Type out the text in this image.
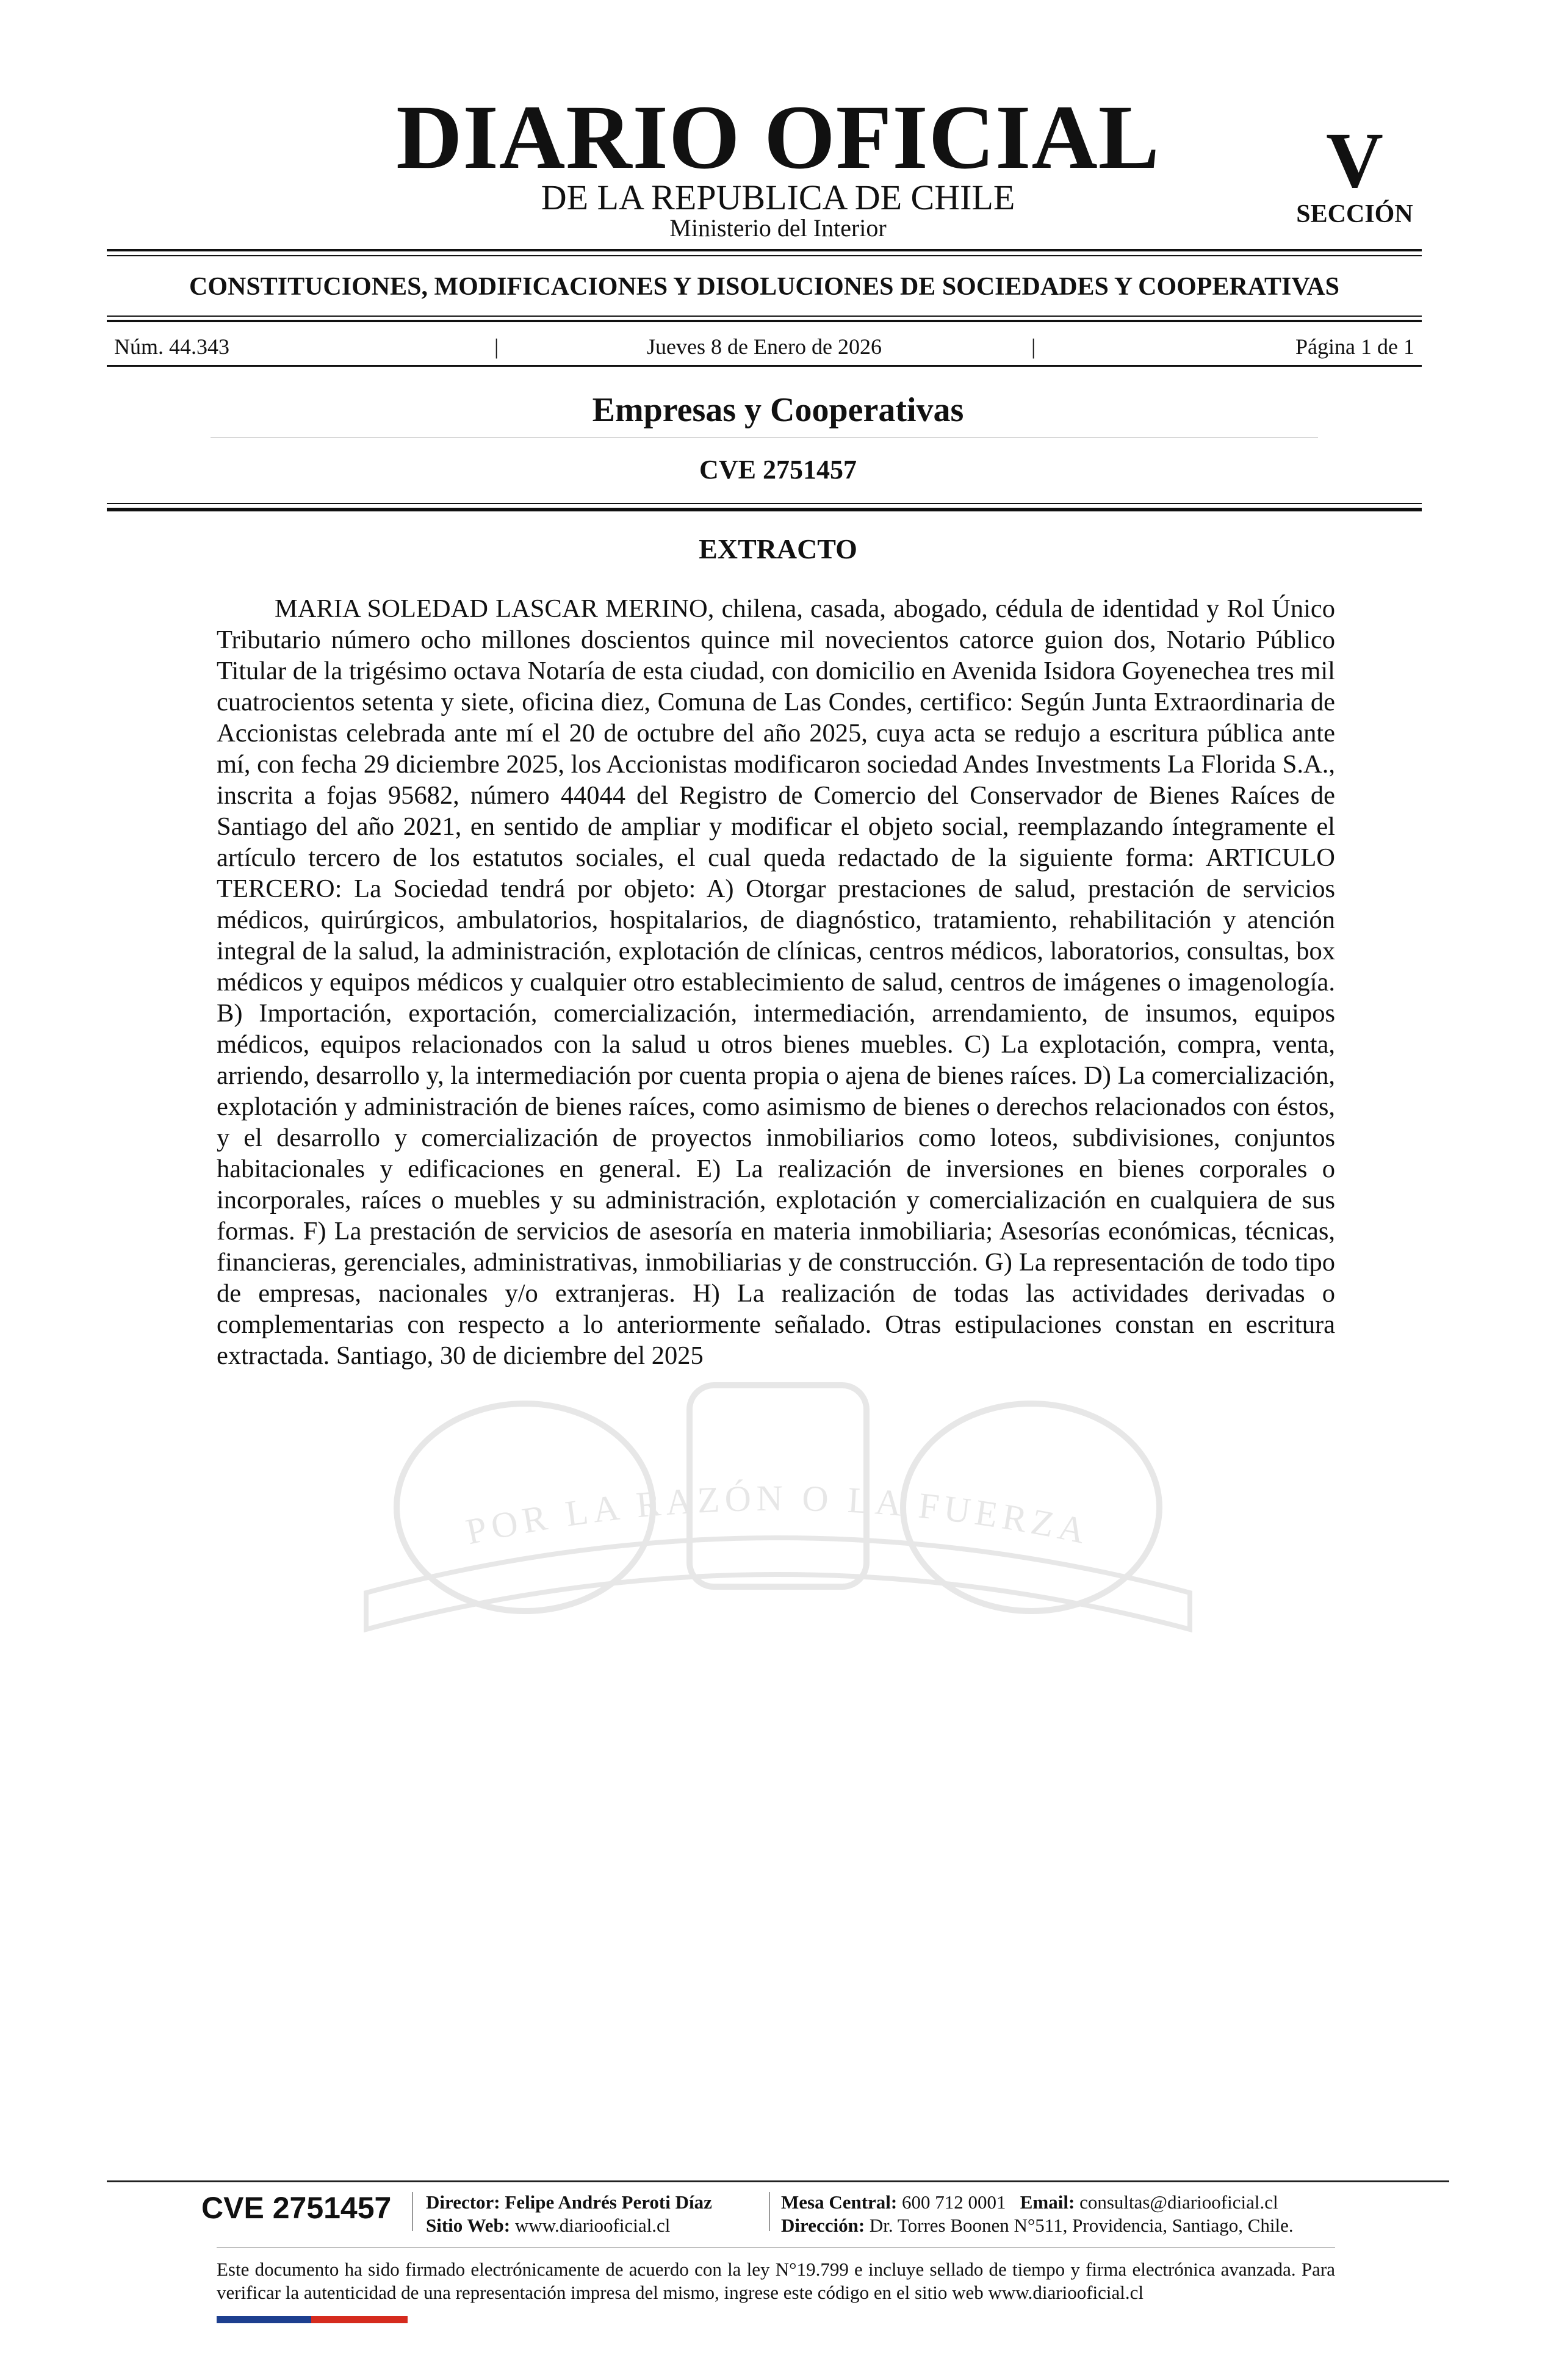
DIARIO OFICIAL
DE LA REPUBLICA DE CHILE
Ministerio del Interior
V
SECCIÓN
CONSTITUCIONES, MODIFICACIONES Y DISOLUCIONES DE SOCIEDADES Y COOPERATIVAS
Núm. 44.343	|	Jueves 8 de Enero de 2026	|	Página 1 de 1
Empresas y Cooperativas
CVE 2751457
EXTRACTO
MARIA SOLEDAD LASCAR MERINO, chilena, casada, abogado, cédula de identidad y Rol Único Tributario número ocho millones doscientos quince mil novecientos catorce guion dos, Notario Público Titular de la trigésimo octava Notaría de esta ciudad, con domicilio en Avenida Isidora Goyenechea tres mil cuatrocientos setenta y siete, oficina diez, Comuna de Las Condes, certifico: Según Junta Extraordinaria de Accionistas celebrada ante mí el 20 de octubre del año 2025, cuya acta se redujo a escritura pública ante mí, con fecha 29 diciembre 2025, los Accionistas modificaron sociedad Andes Investments La Florida S.A., inscrita a fojas 95682, número 44044 del Registro de Comercio del Conservador de Bienes Raíces de Santiago del año 2021, en sentido de ampliar y modificar el objeto social, reemplazando íntegramente el artículo tercero de los estatutos sociales, el cual queda redactado de la siguiente forma: ARTICULO TERCERO: La Sociedad tendrá por objeto: A) Otorgar prestaciones de salud, prestación de servicios médicos, quirúrgicos, ambulatorios, hospitalarios, de diagnóstico, tratamiento, rehabilitación y atención integral de la salud, la administración, explotación de clínicas, centros médicos, laboratorios, consultas, box médicos y equipos médicos y cualquier otro establecimiento de salud, centros de imágenes o imagenología. B) Importación, exportación, comercialización, intermediación, arrendamiento, de insumos, equipos médicos, equipos relacionados con la salud u otros bienes muebles. C) La explotación, compra, venta, arriendo, desarrollo y, la intermediación por cuenta propia o ajena de bienes raíces. D) La comercialización, explotación y administración de bienes raíces, como asimismo de bienes o derechos relacionados con éstos, y el desarrollo y comercialización de proyectos inmobiliarios como loteos, subdivisiones, conjuntos habitacionales y edificaciones en general. E) La realización de inversiones en bienes corporales o incorporales, raíces o muebles y su administración, explotación y comercialización en cualquiera de sus formas. F) La prestación de servicios de asesoría en materia inmobiliaria; Asesorías económicas, técnicas, financieras, gerenciales, administrativas, inmobiliarias y de construcción. G) La representación de todo tipo de empresas, nacionales y/o extranjeras. H) La realización de todas las actividades derivadas o complementarias con respecto a lo anteriormente señalado. Otras estipulaciones constan en escritura extractada. Santiago, 30 de diciembre del 2025
POR LA RAZÓN O LA FUERZA
CVE 2751457 Director: Felipe Andrés Peroti Díaz
Sitio Web: www.diariooficial.cl
Mesa Central: 600 712 0001 Email: consultas@diariooficial.cl
Dirección: Dr. Torres Boonen N°511, Providencia, Santiago, Chile.
Este documento ha sido firmado electrónicamente de acuerdo con la ley N°19.799 e incluye sellado de tiempo y firma electrónica avanzada. Para verificar la autenticidad de una representación impresa del mismo, ingrese este código en el sitio web www.diariooficial.cl
